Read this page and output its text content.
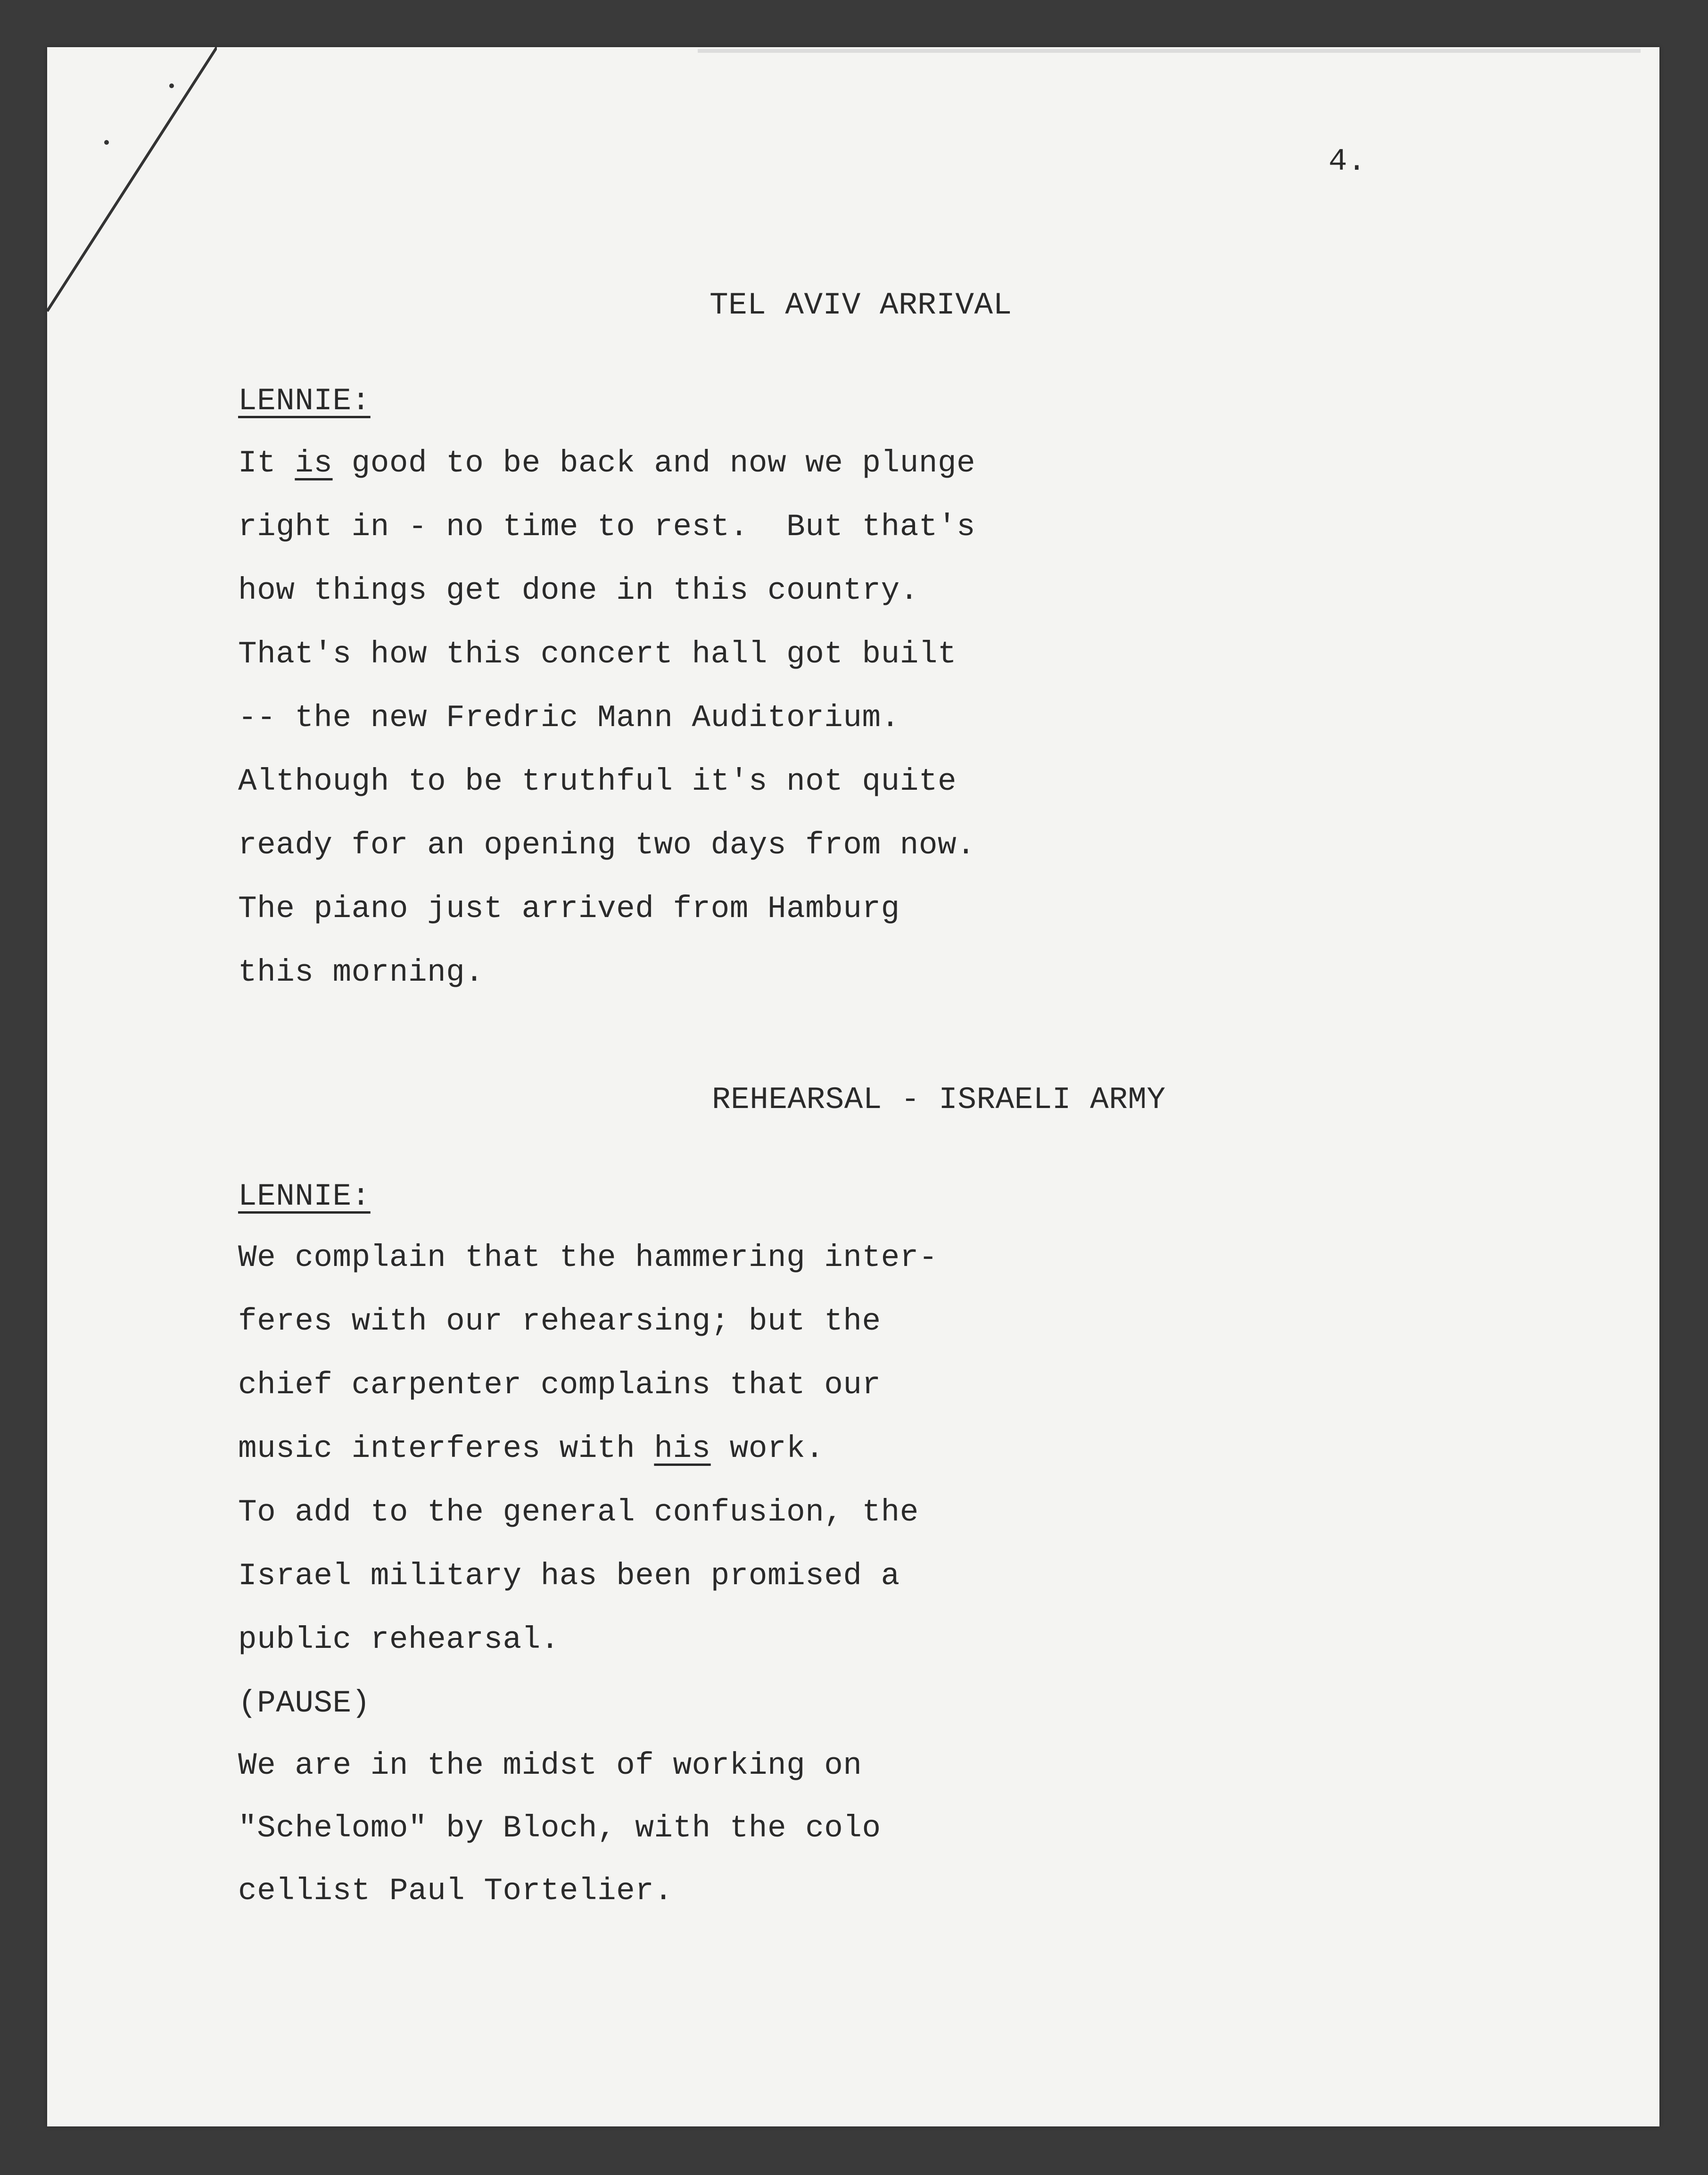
4.
TEL AVIV ARRIVAL
LENNIE:
It is good to be back and now we plunge
right in - no time to rest.  But that's
how things get done in this country.
That's how this concert hall got built
-- the new Fredric Mann Auditorium.
Although to be truthful it's not quite
ready for an opening two days from now.
The piano just arrived from Hamburg
this morning.
REHEARSAL - ISRAELI ARMY
LENNIE:
We complain that the hammering inter-
feres with our rehearsing; but the
chief carpenter complains that our
music interferes with his work.
To add to the general confusion, the
Israel military has been promised a
public rehearsal.
(PAUSE)
We are in the midst of working on
"Schelomo" by Bloch, with the colo
cellist Paul Tortelier.
